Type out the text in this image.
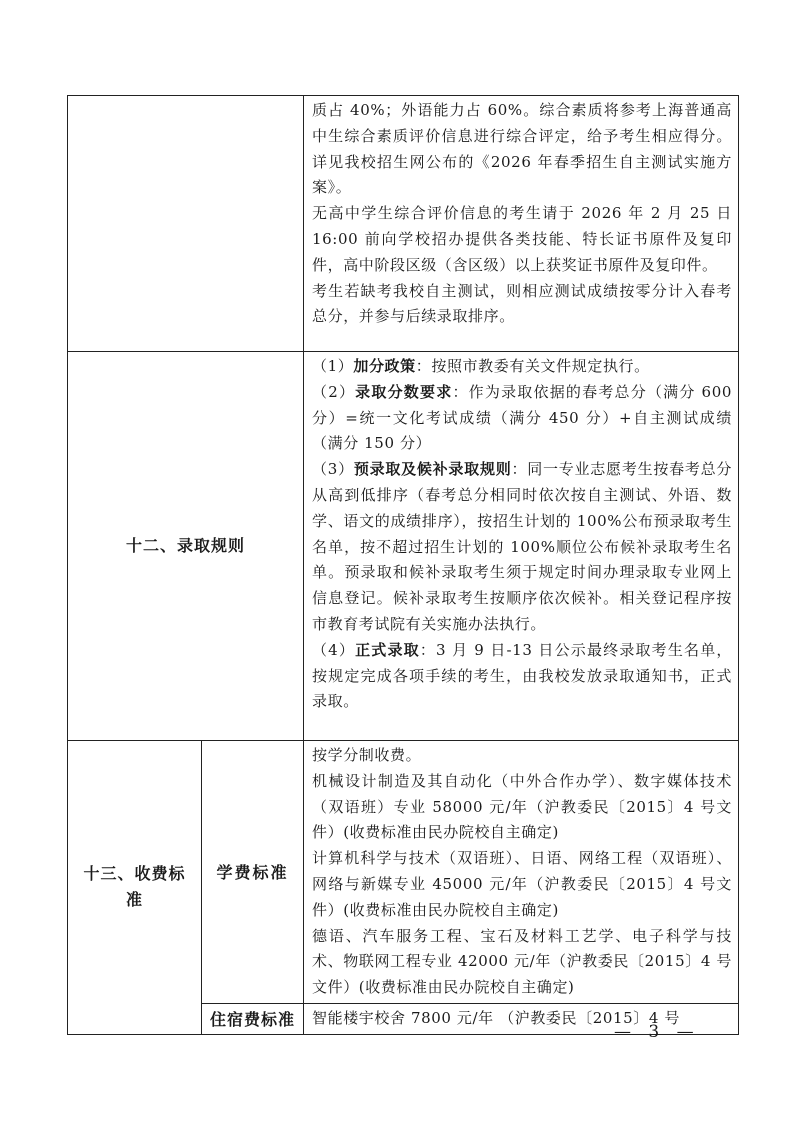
		质占 40%；外语能力占 60%。综合素质将参考上海普通高中生综合素质评价信息进行综合评定，给予考生相应得分。详见我校招生网公布的《2026 年春季招生自主测试实施方案》。

无高中学生综合评价信息的考生请于 2026 年 2 月 25 日 16:00 前向学校招办提供各类技能、特长证书原件及复印件，高中阶段区级（含区级）以上获奖证书原件及复印件。

考生若缺考我校自主测试，则相应测试成绩按零分计入春考总分，并参与后续录取排序。

十二、录取规则		（1）加分政策：按照市教委有关文件规定执行。

（2）录取分数要求：作为录取依据的春考总分（满分 600 分）=统一文化考试成绩（满分 450 分）+自主测试成绩（满分 150 分）

（3）预录取及候补录取规则：同一专业志愿考生按春考总分从高到低排序（春考总分相同时依次按自主测试、外语、数学、语文的成绩排序），按招生计划的 100%公布预录取考生名单，按不超过招生计划的 100%顺位公布候补录取考生名单。预录取和候补录取考生须于规定时间办理录取专业网上信息登记。候补录取考生按顺序依次候补。相关登记程序按市教育考试院有关实施办法执行。

（4）正式录取：3 月 9 日-13 日公示最终录取考生名单，按规定完成各项手续的考生，由我校发放录取通知书，正式录取。

十三、收费标准	学费标准	按学分制收费。

机械设计制造及其自动化（中外合作办学）、数字媒体技术（双语班）专业 58000 元/年（沪教委民〔2015〕4 号文件）(收费标准由民办院校自主确定)

计算机科学与技术（双语班）、日语、网络工程（双语班）、网络与新媒专业 45000 元/年（沪教委民〔2015〕4 号文件）(收费标准由民办院校自主确定)

德语、汽车服务工程、宝石及材料工艺学、电子科学与技术、物联网工程专业 42000 元/年（沪教委民〔2015〕4 号文件）(收费标准由民办院校自主确定)

	住宿费标准	智能楼宇校舍 7800 元/年 （沪教委民〔2015〕4 号
— 3 —
